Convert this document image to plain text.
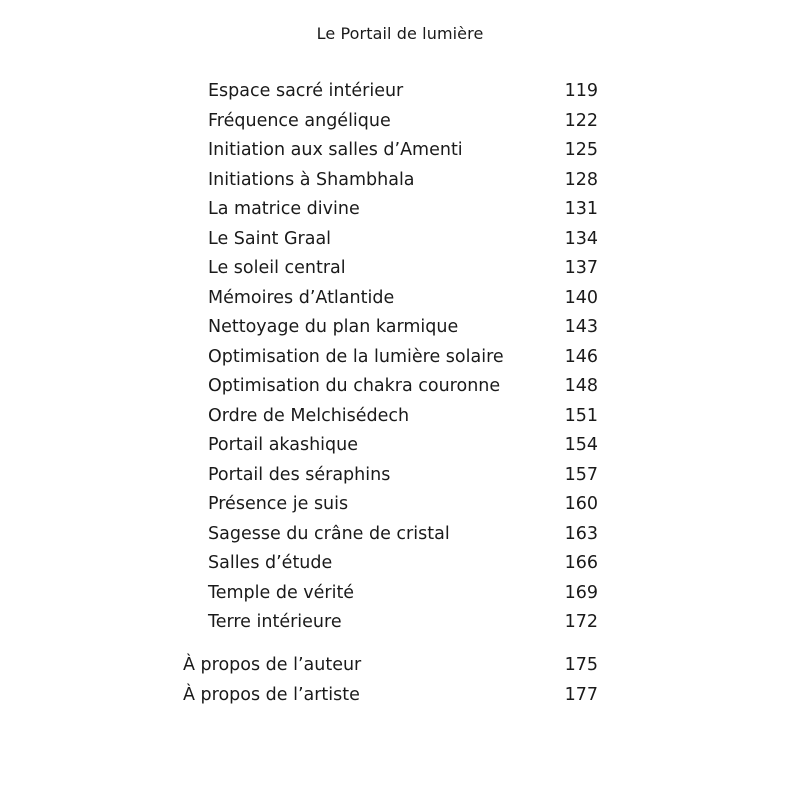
Le Portail de lumière
Espace sacré intérieur	119
Fréquence angélique	122
Initiation aux salles d’Amenti	125
Initiations à Shambhala	128
La matrice divine	131
Le Saint Graal	134
Le soleil central	137
Mémoires d’Atlantide	140
Nettoyage du plan karmique	143
Optimisation de la lumière solaire	146
Optimisation du chakra couronne	148
Ordre de Melchisédech	151
Portail akashique	154
Portail des séraphins	157
Présence je suis	160
Sagesse du crâne de cristal	163
Salles d’étude	166
Temple de vérité	169
Terre intérieure	172
À propos de l’auteur	175
À propos de l’artiste	177
